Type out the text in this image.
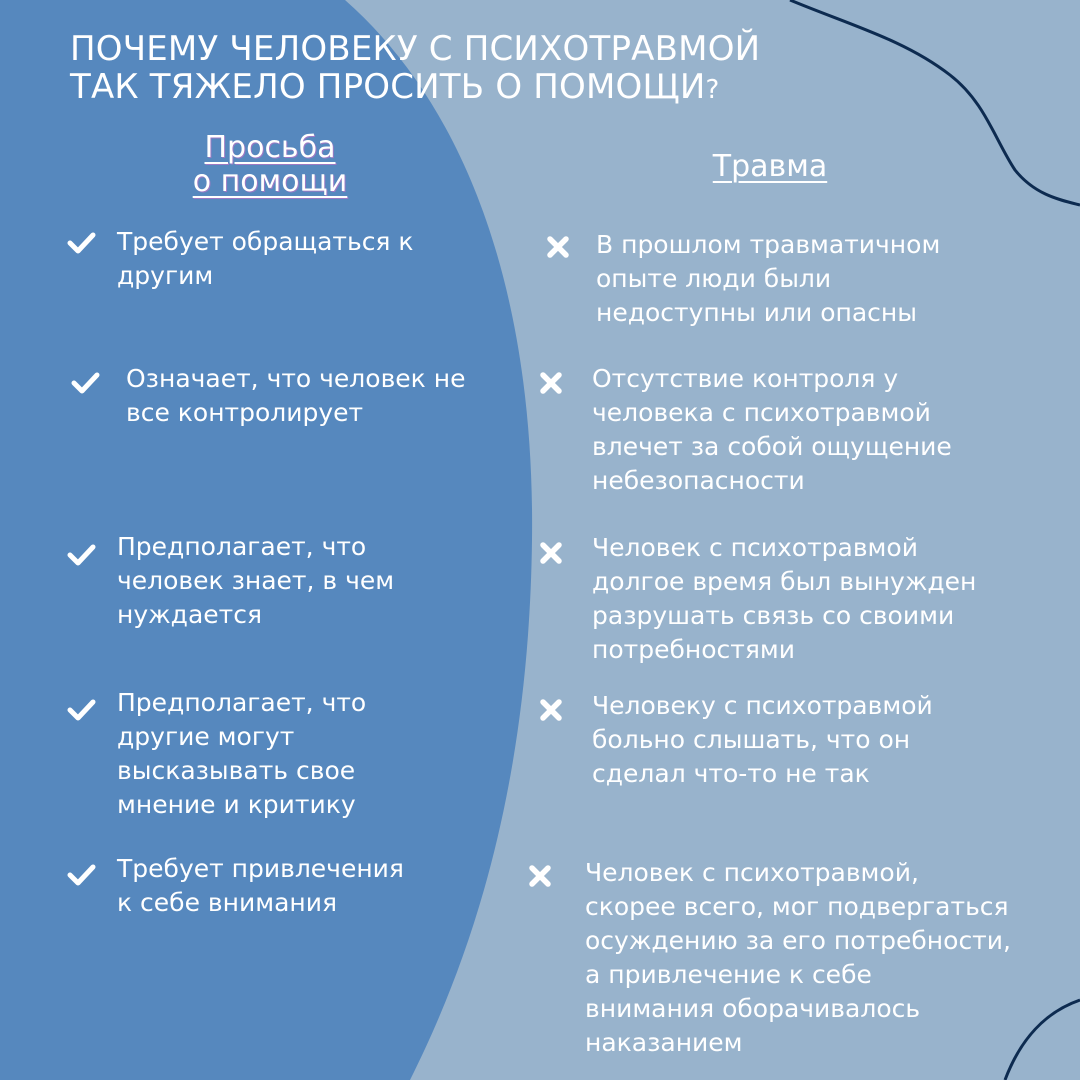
ПОЧЕМУ ЧЕЛОВЕКУ С ПСИХОТРАВМОЙ
ТАК ТЯЖЕЛО ПРОСИТЬ О ПОМОЩИ?
Просьба
о помощи	Травма

Требует обращаться к
другим

Означает, что человек не
все контролирует

Предполагает, что
человек знает, в чем
нуждается

Предполагает, что
другие могут
высказывать свое
мнение и критику

Требует привлечения
к себе внимания

В прошлом травматичном
опыте люди были
недоступны или опасны

Отсутствие контроля у
человека с психотравмой
влечет за собой ощущение
небезопасности

Человек с психотравмой
долгое время был вынужден
разрушать связь со своими
потребностями

Человеку с психотравмой
больно слышать, что он
сделал что-то не так

Человек с психотравмой,
скорее всего, мог подвергаться
осуждению за его потребности,
а привлечение к себе
внимания оборачивалось
наказанием
